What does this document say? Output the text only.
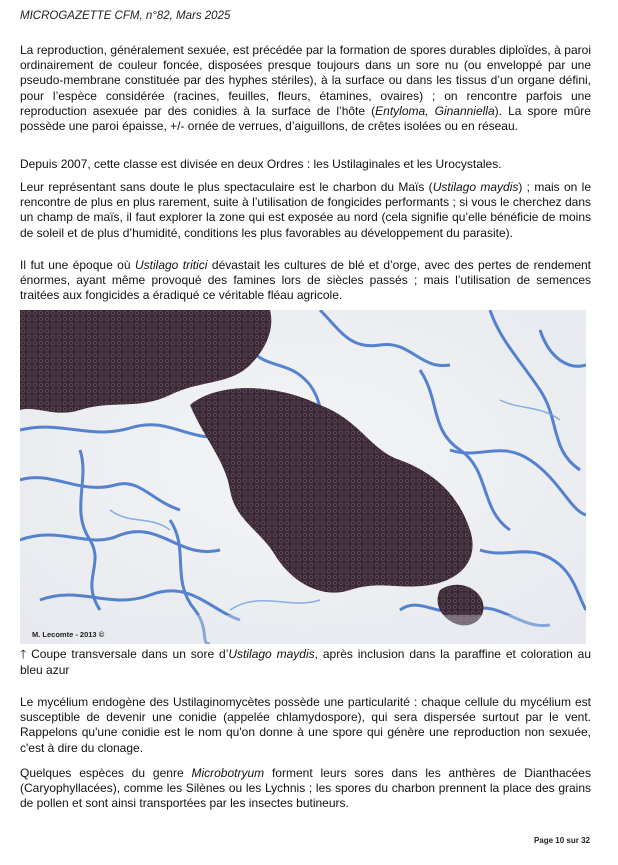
MICROGAZETTE CFM, n°82, Mars 2025

La reproduction, généralement sexuée, est précédée par la formation de spores durables diploïdes, à paroi ordinairement de couleur foncée, disposées presque toujours dans un sore nu (ou enveloppé par une pseudo-membrane constituée par des hyphes stériles), à la surface ou dans les tissus d’un organe défini, pour l’espèce considérée (racines, feuilles, fleurs, étamines, ovaires) ; on rencontre parfois une reproduction asexuée par des conidies à la surface de l’hôte (Entyloma, Ginanniella). La spore mûre possède une paroi épaisse, +/- ornée de verrues, d’aiguillons, de crêtes isolées ou en réseau.

Depuis 2007, cette classe est divisée en deux Ordres : les Ustilaginales et les Urocystales.

Leur représentant sans doute le plus spectaculaire est le charbon du Maïs (Ustilago maydis) ; mais on le rencontre de plus en plus rarement, suite à l’utilisation de fongicides performants ; si vous le cherchez dans un champ de maïs, il faut explorer la zone qui est exposée au nord (cela signifie qu’elle bénéficie de moins de soleil et de plus d’humidité, conditions les plus favorables au développement du parasite).

Il fut une époque où Ustilago tritici dévastait les cultures de blé et d’orge, avec des pertes de rendement énormes, ayant même provoqué des famines lors de siècles passés ; mais l’utilisation de semences traitées aux fongicides a éradiqué ce véritable fléau agricole.

M. Lecomte - 2013 ©
🡑 Coupe transversale dans un sore d’Ustilago maydis, après inclusion dans la paraffine et coloration au bleu azur

Le mycélium endogène des Ustilaginomycètes possède une particularité : chaque cellule du mycélium est susceptible de devenir une conidie (appelée chlamydospore), qui sera dispersée surtout par le vent. Rappelons qu'une conidie est le nom qu'on donne à une spore qui génère une reproduction non sexuée, c'est à dire du clonage.

Quelques espèces du genre Microbotryum forment leurs sores dans les anthères de Dianthacées (Caryophyllacées), comme les Silènes ou les Lychnis ; les spores du charbon prennent la place des grains de pollen et sont ainsi transportées par les insectes butineurs.

Page 10 sur 32
